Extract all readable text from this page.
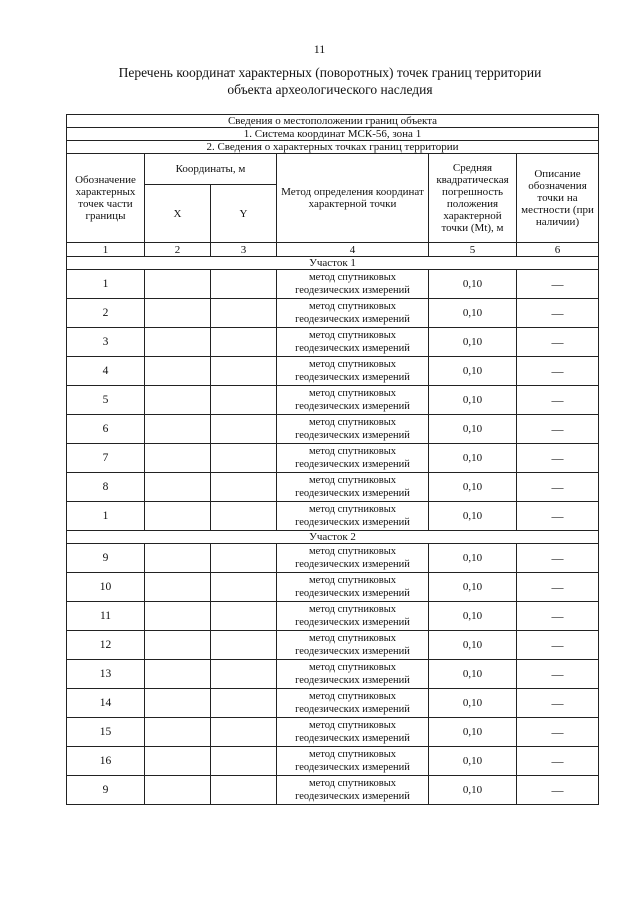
11
Перечень координат характерных (поворотных) точек границ территории
объекта археологического наследия
Сведения о местоположении границ объекта					
1. Система координат МСК-56, зона 1					
2. Сведения о характерных точках границ территории					
Обозначение характерных точек части границы	Координаты, м		Метод определения координат характерной точки	Средняя квадратическая погрешность положения характерной точки (Mt), м	Описание обозначения точки на местности (при наличии)
	X	Y			
1	2	3	4	5	6
Участок 1					
1			метод спутниковых геодезических измерений	0,10	—
2			метод спутниковых геодезических измерений	0,10	—
3			метод спутниковых геодезических измерений	0,10	—
4			метод спутниковых геодезических измерений	0,10	—
5			метод спутниковых геодезических измерений	0,10	—
6			метод спутниковых геодезических измерений	0,10	—
7			метод спутниковых геодезических измерений	0,10	—
8			метод спутниковых геодезических измерений	0,10	—
1			метод спутниковых геодезических измерений	0,10	—
Участок 2					
9			метод спутниковых геодезических измерений	0,10	—
10			метод спутниковых геодезических измерений	0,10	—
11			метод спутниковых геодезических измерений	0,10	—
12			метод спутниковых геодезических измерений	0,10	—
13			метод спутниковых геодезических измерений	0,10	—
14			метод спутниковых геодезических измерений	0,10	—
15			метод спутниковых геодезических измерений	0,10	—
16			метод спутниковых геодезических измерений	0,10	—
9			метод спутниковых геодезических измерений	0,10	—
